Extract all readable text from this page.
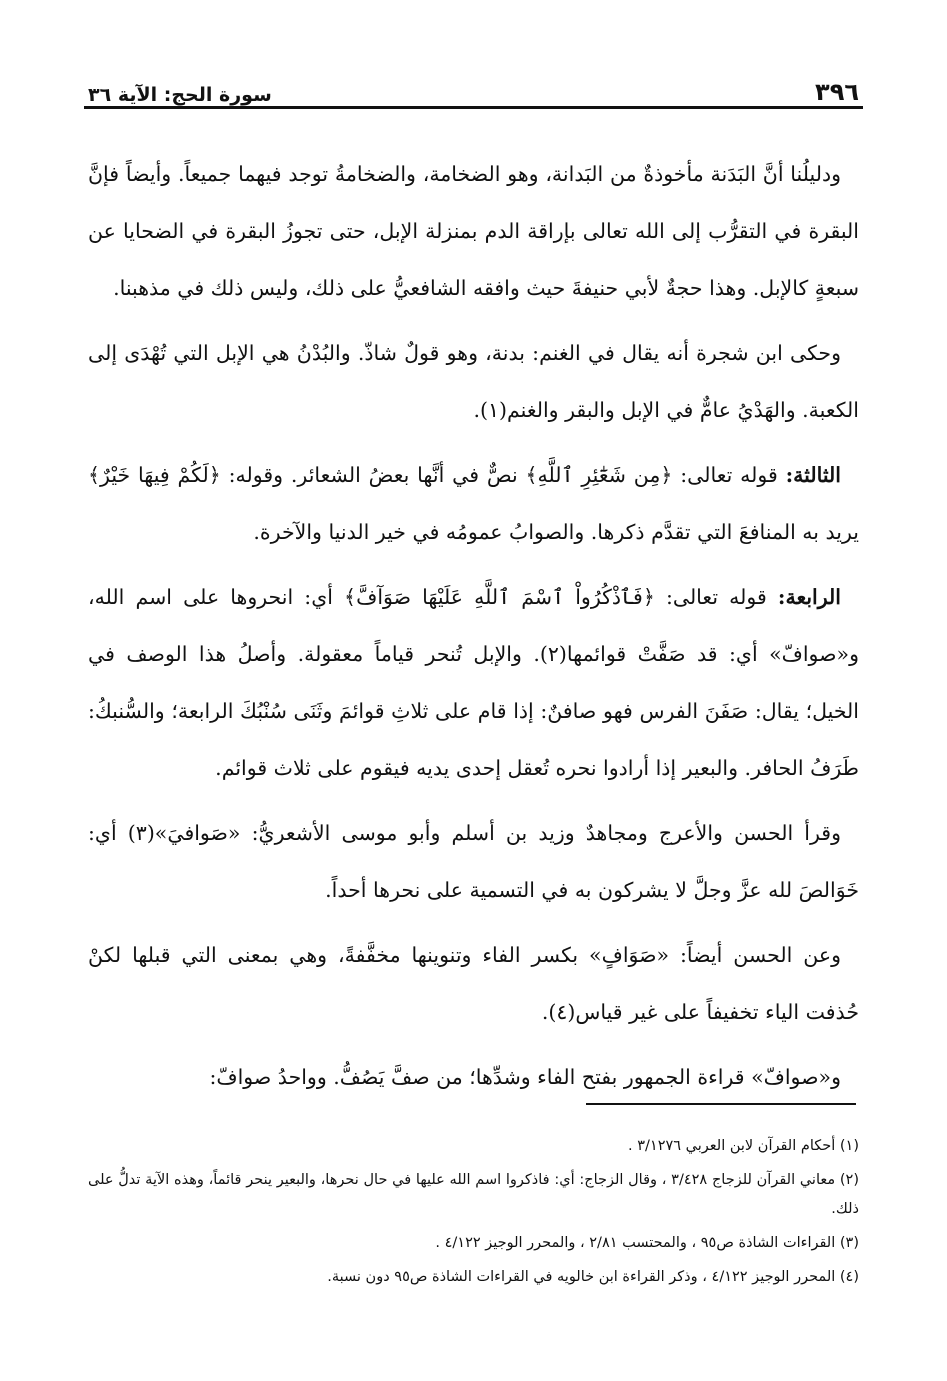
٣٩٦
سورة الحج: الآية ٣٦

ودليلُنا أنَّ البَدَنة مأخوذةٌ من البَدانة، وهو الضخامة، والضخامةُ توجد فيهما جميعاً. وأيضاً فإنَّ البقرة في التقرُّب إلى الله تعالى بإراقة الدم بمنزلة الإبل، حتى تجوزُ البقرة في الضحايا عن سبعةٍ كالإبل. وهذا حجةٌ لأبي حنيفةَ حيث وافقه الشافعيُّ على ذلك، وليس ذلك في مذهبنا.

وحكى ابن شجرة أنه يقال في الغنم: بدنة، وهو قولٌ شاذّ. والبُدْنُ هي الإبل التي تُهْدَى إلى الكعبة. والهَدْيُ عامٌّ في الإبل والبقر والغنم(١).

الثالثة: قوله تعالى: ﴿مِن شَعَٰٓئِرِ ٱللَّهِ﴾ نصٌّ في أنَّها بعضُ الشعائر. وقوله: ﴿لَكُمْ فِيهَا خَيْرٌ﴾ يريد به المنافعَ التي تقدَّم ذكرها. والصوابُ عمومُه في خير الدنيا والآخرة.

الرابعة: قوله تعالى: ﴿فَٱذْكُرُواْ ٱسْمَ ٱللَّهِ عَلَيْهَا صَوَآفَّ﴾ أي: انحروها على اسم الله، و«صوافّ» أي: قد صَفَّتْ قوائمها(٢). والإبل تُنحر قياماً معقولة. وأصلُ هذا الوصف في الخيل؛ يقال: صَفَنَ الفرس فهو صافنٌ: إذا قام على ثلاثِ قوائمَ وثَنَى سُنْبُكَ الرابعة؛ والسُّنبكُ: طَرَفُ الحافر. والبعير إذا أرادوا نحره تُعقل إحدى يديه فيقوم على ثلاث قوائم.

وقرأ الحسن والأعرج ومجاهدٌ وزيد بن أسلم وأبو موسى الأشعريُّ: «صَوافيَ»(٣) أي: خَوَالصَ لله عزَّ وجلَّ لا يشركون به في التسمية على نحرها أحداً.

وعن الحسن أيضاً: «صَوَافٍ» بكسر الفاء وتنوينها مخفَّفةً، وهي بمعنى التي قبلها لكنْ حُذفت الياء تخفيفاً على غير قياس(٤).

و«صوافّ» قراءة الجمهور بفتح الفاء وشدِّها؛ من صفَّ يَصُفُّ. وواحدُ صوافّ:

(١) أحكام القرآن لابن العربي ٣/١٢٧٦ .

(٢) معاني القرآن للزجاج ٣/٤٢٨ ، وقال الزجاج: أي: فاذكروا اسم الله عليها في حال نحرها، والبعير ينحر قائماً، وهذه الآية تدلُّ على ذلك.

(٣) القراءات الشاذة ص٩٥ ، والمحتسب ٢/٨١ ، والمحرر الوجيز ٤/١٢٢ .

(٤) المحرر الوجيز ٤/١٢٢ ، وذكر القراءة ابن خالويه في القراءات الشاذة ص٩٥ دون نسبة.
